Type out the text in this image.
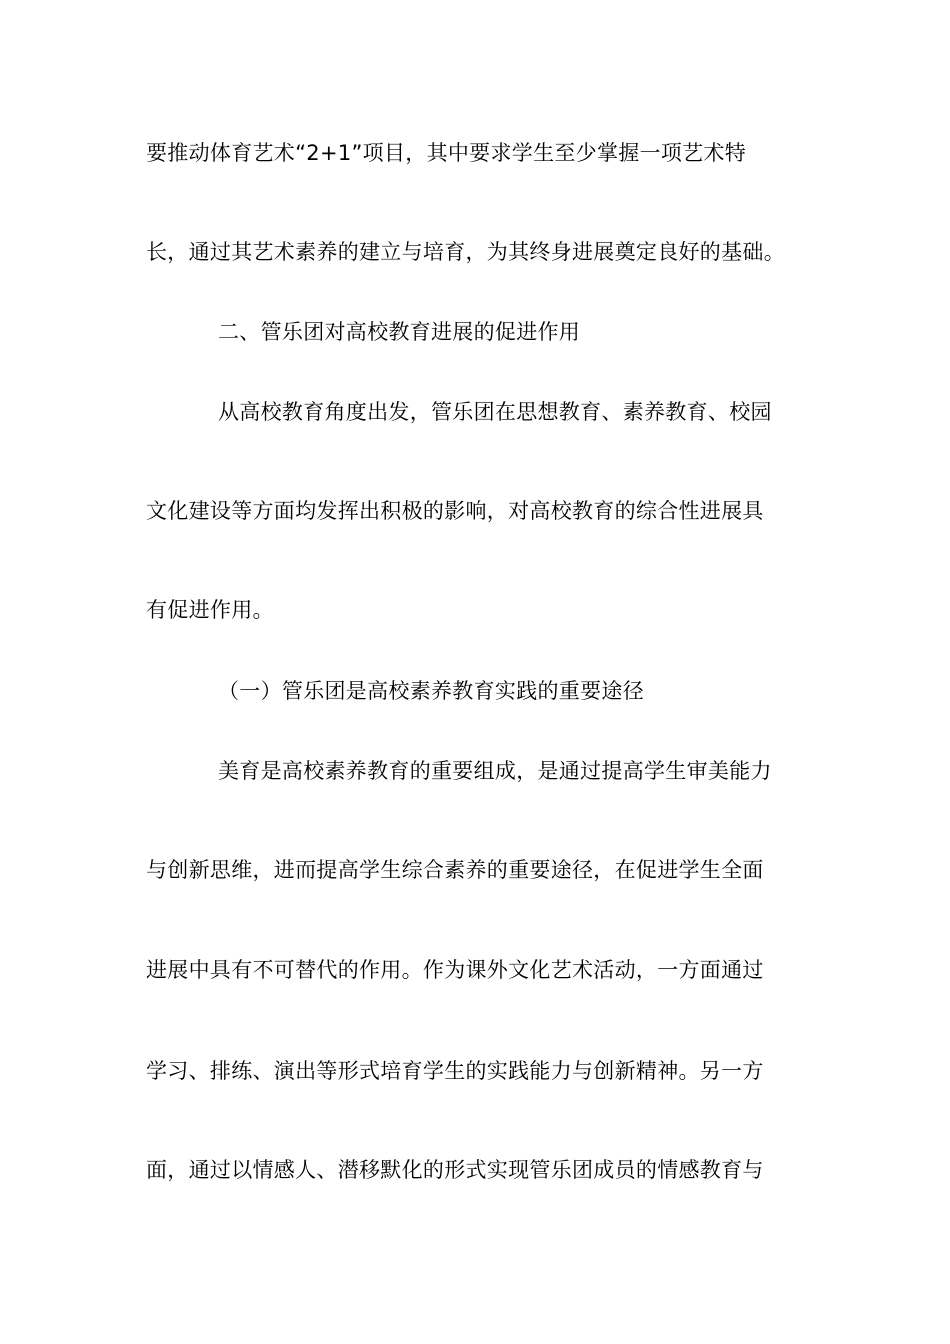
要推动体育艺术“2+1”项目，其中要求学生至少掌握一项艺术特
长，通过其艺术素养的建立与培育，为其终身进展奠定良好的基础。
二、管乐团对高校教育进展的促进作用
从高校教育角度出发，管乐团在思想教育、素养教育、校园
文化建设等方面均发挥出积极的影响，对高校教育的综合性进展具
有促进作用。
（一）管乐团是高校素养教育实践的重要途径
美育是高校素养教育的重要组成，是通过提高学生审美能力
与创新思维，进而提高学生综合素养的重要途径，在促进学生全面
进展中具有不可替代的作用。作为课外文化艺术活动，一方面通过
学习、排练、演出等形式培育学生的实践能力与创新精神。另一方
面，通过以情感人、潜移默化的形式实现管乐团成员的情感教育与
